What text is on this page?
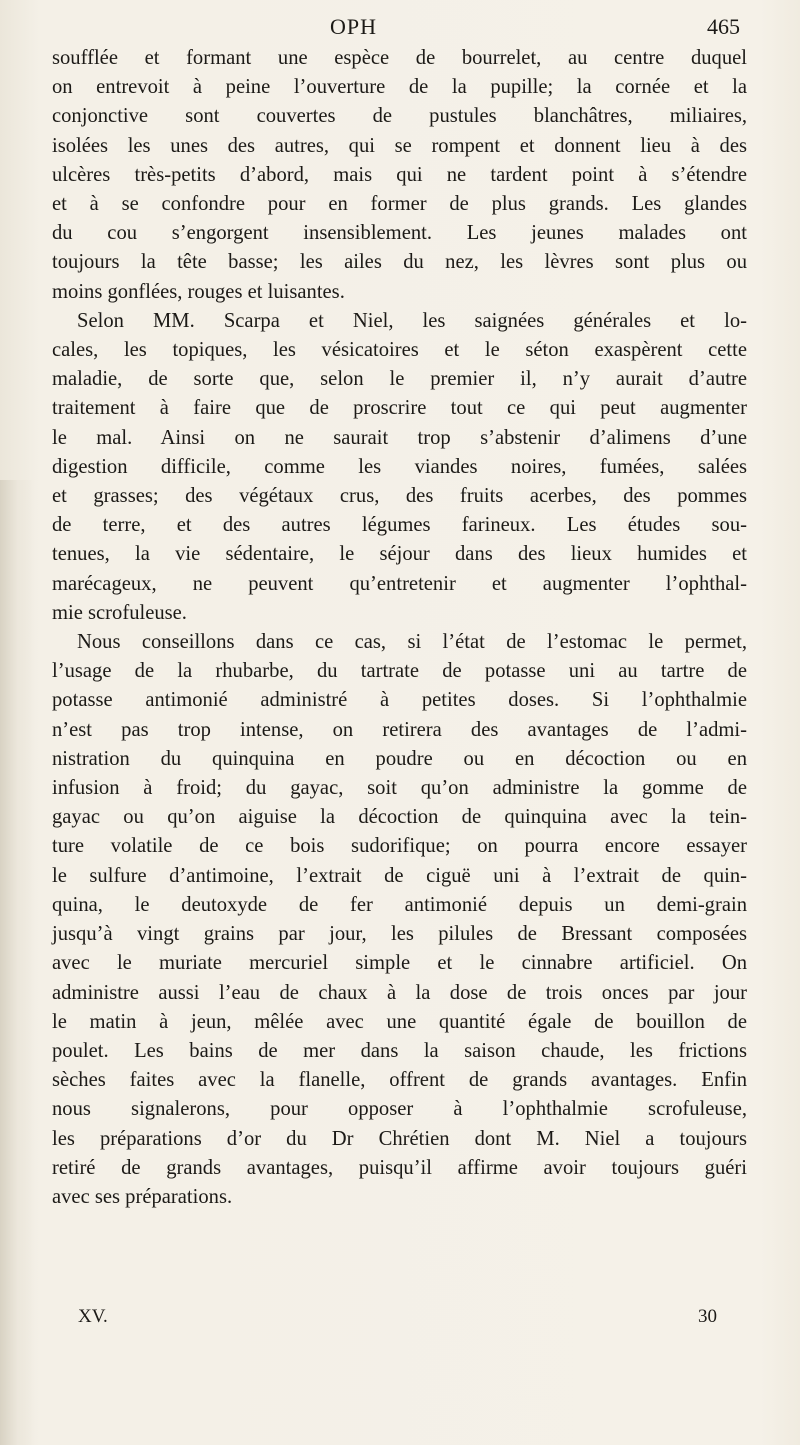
OPH	465
soufflée et formant une espèce de bourrelet, au centre duquel
on entrevoit à peine l’ouverture de la pupille; la cornée et la
conjonctive sont couvertes de pustules blanchâtres, miliaires,
isolées les unes des autres, qui se rompent et donnent lieu à des
ulcères très-petits d’abord, mais qui ne tardent point à s’étendre
et à se confondre pour en former de plus grands. Les glandes
du cou s’engorgent insensiblement. Les jeunes malades ont
toujours la tête basse; les ailes du nez, les lèvres sont plus ou
moins gonflées, rouges et luisantes.
Selon MM. Scarpa et Niel, les saignées générales et lo-
cales, les topiques, les vésicatoires et le séton exaspèrent cette
maladie, de sorte que, selon le premier il, n’y aurait d’autre
traitement à faire que de proscrire tout ce qui peut augmenter
le mal. Ainsi on ne saurait trop s’abstenir d’alimens d’une
digestion difficile, comme les viandes noires, fumées, salées
et grasses; des végétaux crus, des fruits acerbes, des pommes
de terre, et des autres légumes farineux. Les études sou-
tenues, la vie sédentaire, le séjour dans des lieux humides et
marécageux, ne peuvent qu’entretenir et augmenter l’ophthal-
mie scrofuleuse.
Nous conseillons dans ce cas, si l’état de l’estomac le permet,
l’usage de la rhubarbe, du tartrate de potasse uni au tartre de
potasse antimonié administré à petites doses. Si l’ophthalmie
n’est pas trop intense, on retirera des avantages de l’admi-
nistration du quinquina en poudre ou en décoction ou en
infusion à froid; du gayac, soit qu’on administre la gomme de
gayac ou qu’on aiguise la décoction de quinquina avec la tein-
ture volatile de ce bois sudorifique; on pourra encore essayer
le sulfure d’antimoine, l’extrait de ciguë uni à l’extrait de quin-
quina, le deutoxyde de fer antimonié depuis un demi-grain
jusqu’à vingt grains par jour, les pilules de Bressant composées
avec le muriate mercuriel simple et le cinnabre artificiel. On
administre aussi l’eau de chaux à la dose de trois onces par jour
le matin à jeun, mêlée avec une quantité égale de bouillon de
poulet. Les bains de mer dans la saison chaude, les frictions
sèches faites avec la flanelle, offrent de grands avantages. Enfin
nous signalerons, pour opposer à l’ophthalmie scrofuleuse,
les préparations d’or du Dr Chrétien dont M. Niel a toujours
retiré de grands avantages, puisqu’il affirme avoir toujours guéri
avec ses préparations.
XV.	30
